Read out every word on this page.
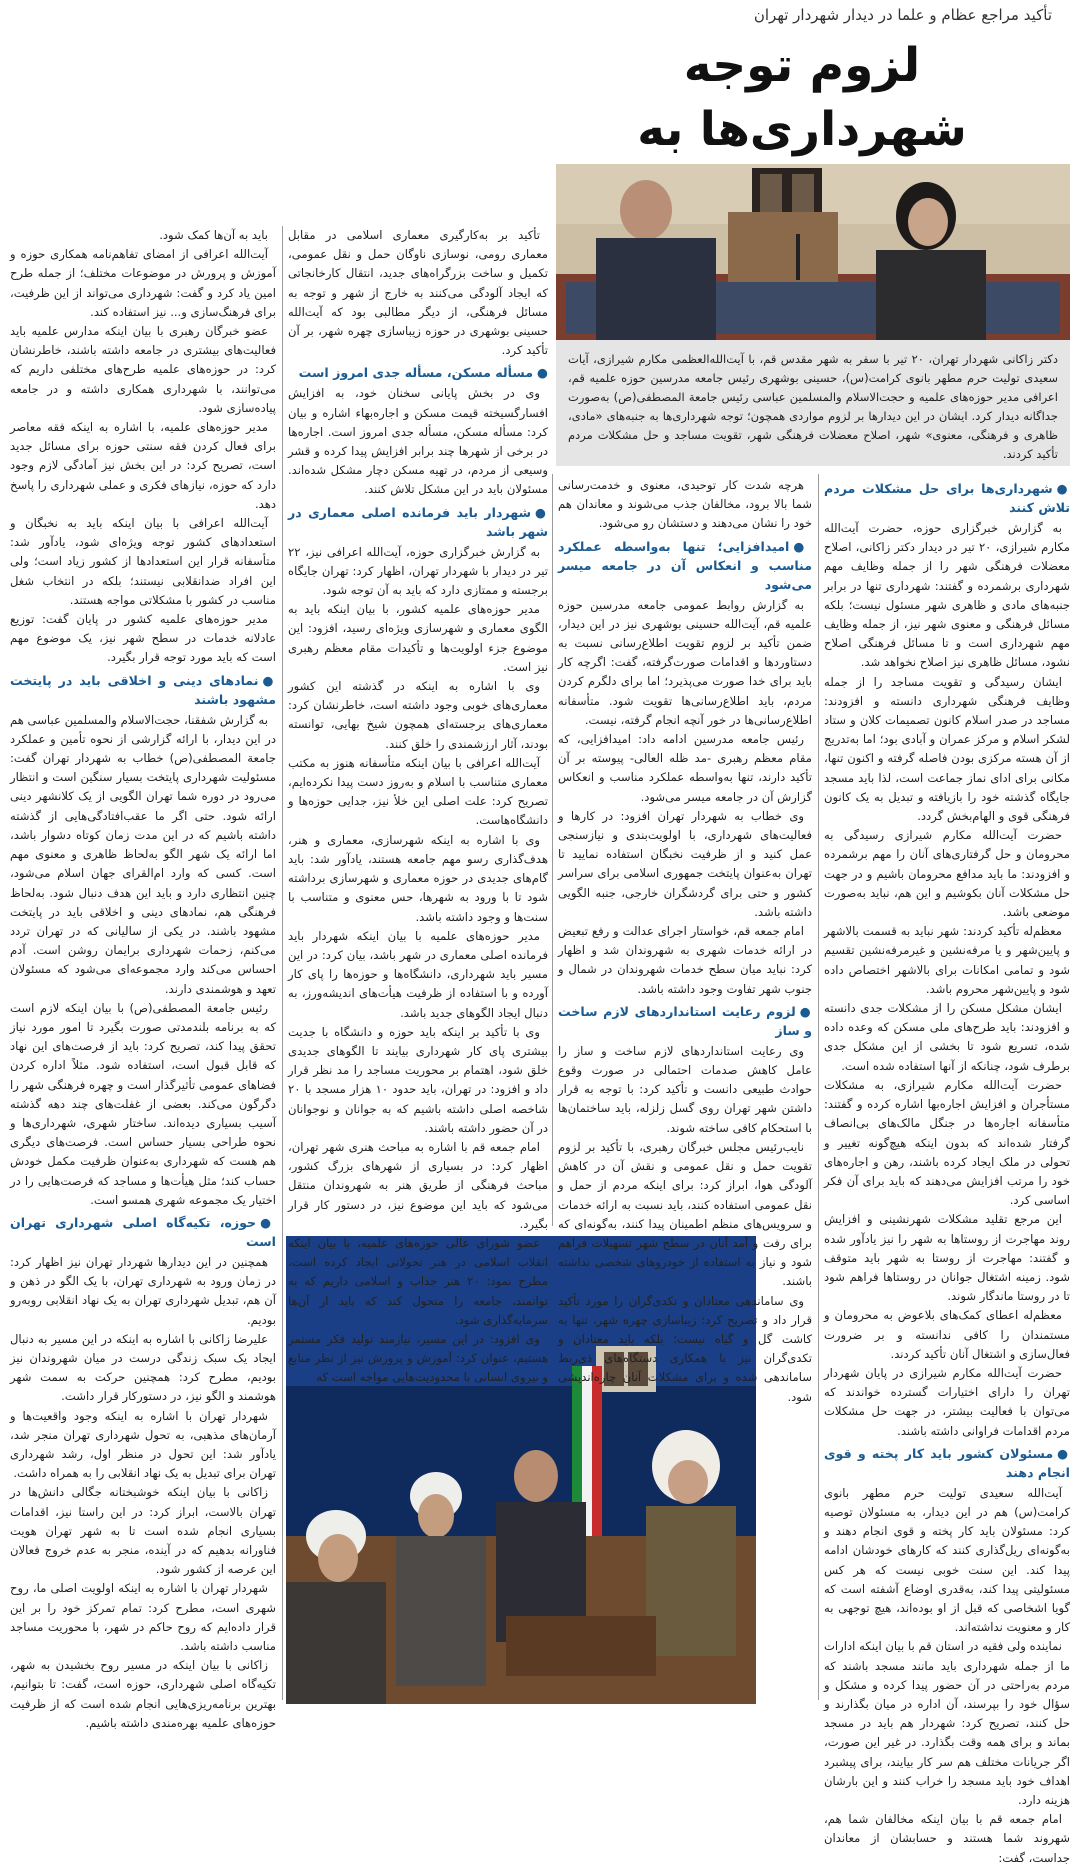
تأکید مراجع عظام و علما در دیدار شهردار تهران
لزوم توجه شهرداری‌ها به
دکتر زاکانی شهردار تهران، ۲۰ تیر با سفر به شهر مقدس قم، با آیت‌الله‌العظمی مکارم شیرازی، آیات سعیدی تولیت حرم مطهر بانوی کرامت(س)، حسینی بوشهری رئیس جامعه مدرسین حوزه علمیه قم، اعرافی مدیر حوزه‌های علمیه و حجت‌الاسلام والمسلمین عباسی رئیس جامعة المصطفی(ص) به‌صورت جداگانه دیدار کرد. ایشان در این دیدارها بر لزوم مواردی همچون؛ توجه شهرداری‌ها به جنبه‌های «مادی، ظاهری و فرهنگی، معنوی» شهر، اصلاح معضلات فرهنگی شهر، تقویت مساجد و حل مشکلات مردم تأکید کردند.
●شهرداری‌ها برای حل مشکلات مردم تلاش کنند

به گزارش خبرگزاری حوزه، حضرت آیت‌الله مکارم شیرازی، ۲۰ تیر در دیدار دکتر زاکانی، اصلاح معضلات فرهنگی شهر را از جمله وظایف مهم شهرداری برشمرده و گفتند: شهرداری تنها در برابر جنبه‌های مادی و ظاهری شهر مسئول نیست؛ بلکه مسائل فرهنگی و معنوی شهر نیز، از جمله وظایف مهم شهرداری است و تا مسائل فرهنگی اصلاح نشود، مسائل ظاهری نیز اصلاح نخواهد شد.

ایشان رسیدگی و تقویت مساجد را از جمله وظایف فرهنگی شهرداری دانسته و افزودند: مساجد در صدر اسلام کانون تصمیمات کلان و ستاد لشکر اسلام و مرکز عمران و آبادی بود؛ اما به‌تدریج از آن هسته مرکزی بودن فاصله گرفته و اکنون تنها، مکانی برای ادای نماز جماعت است، لذا باید مسجد جایگاه گذشته خود را بازیافته و تبدیل به یک کانون فرهنگی قوی و الهام‌بخش گردد.

حضرت آیت‌الله مکارم شیرازی رسیدگی به محرومان و حل گرفتاری‌های آنان را مهم برشمرده و افزودند: ما باید مدافع محرومان باشیم و در جهت حل مشکلات آنان بکوشیم و این هم، نباید به‌صورت موضعی باشد.

معظم‌له تأکید کردند: شهر نباید به قسمت بالاشهر و پایین‌شهر و یا مرفه‌نشین و غیرمرفه‌نشین تقسیم شود و تمامی امکانات برای بالاشهر اختصاص داده شود و پایین‌شهر محروم باشد.

ایشان مشکل مسکن را از مشکلات جدی دانسته و افزودند: باید طرح‌های ملی مسکن که وعده داده شده، تسریع شود تا بخشی از این مشکل جدی برطرف شود، چنانکه از آنها استفاده شده است.

حضرت آیت‌الله مکارم شیرازی، به مشکلات مستأجران و افزایش اجاره‌بها اشاره کرده و گفتند: متأسفانه اجاره‌ها در جنگل مالک‌های بی‌انصاف گرفتار شده‌اند که بدون اینکه هیچ‌گونه تغییر و تحولی در ملک ایجاد کرده باشند، رهن و اجاره‌های خود را مرتب افزایش می‌دهند که باید برای آن فکر اساسی کرد.

این مرجع تقلید مشکلات شهرنشینی و افزایش روند مهاجرت از روستاها به شهر را نیز یادآور شده و گفتند: مهاجرت از روستا به شهر باید متوقف شود. زمینه اشتغال جوانان در روستاها فراهم شود تا در روستا ماندگار شوند.

معظم‌له اعطای کمک‌های بلاعوض به محرومان و مستمندان را کافی ندانسته و بر ضرورت فعال‌سازی و اشتغال آنان تأکید کردند.

حضرت آیت‌الله مکارم شیرازی در پایان شهردار تهران را دارای اختیارات گسترده خواندند که می‌توان با فعالیت بیشتر، در جهت حل مشکلات مردم اقدامات فراوانی داشته باشند.

●مسئولان کشور باید کار پخته و قوی انجام دهند

آیت‌الله سعیدی تولیت حرم مطهر بانوی کرامت(س) هم در این دیدار، به مسئولان توصیه کرد: مسئولان باید کار پخته و قوی انجام دهند و به‌گونه‌ای ریل‌گذاری کنند که کارهای خودشان ادامه پیدا کند. این سنت خوبی نیست که هر کس مسئولیتی پیدا کند، به‌قدری اوضاع آشفته است که گویا اشخاصی که قبل از او بوده‌اند، هیچ توجهی به کار و معنویت نداشته‌اند.

نماینده ولی فقیه در استان قم با بیان اینکه ادارات ما از جمله شهرداری باید مانند مسجد باشند که مردم به‌راحتی در آن حضور پیدا کرده و مشکل و سؤال خود را بپرسند، آن اداره در میان بگذارند و حل کنند، تصریح کرد: شهردار هم باید در مسجد بماند و برای همه وقت بگذارد. در غیر این صورت، اگر جریانات مختلف هم سر کار بیایند، برای پیشبرد اهداف خود باید مسجد را خراب کنند و این بارشان هزینه دارد.

امام جمعه قم با بیان اینکه مخالفان شما هم، شهروند شما هستند و حسابشان از معاندان جداست، گفت:

هرچه شدت کار توحیدی، معنوی و خدمت‌رسانی شما بالا برود، مخالفان جذب می‌شوند و معاندان هم خود را نشان می‌دهند و دستشان رو می‌شود.

●امیدافزایی؛ تنها به‌واسطه عملکرد مناسب و انعکاس آن در جامعه میسر می‌شود

به گزارش روابط عمومی جامعه مدرسین حوزه علمیه قم، آیت‌الله حسینی بوشهری نیز در این دیدار، ضمن تأکید بر لزوم تقویت اطلاع‌رسانی نسبت به دستاوردها و اقدامات صورت‌گرفته، گفت: اگرچه کار باید برای خدا صورت می‌پذیرد؛ اما برای دلگرم کردن مردم، باید اطلاع‌رسانی‌ها تقویت شود. متأسفانه اطلاع‌رسانی‌ها در خور آنچه انجام گرفته، نیست.

رئیس جامعه مدرسین ادامه داد: امیدافزایی، که مقام معظم رهبری -مد ظله العالی- پیوسته بر آن تأکید دارند، تنها به‌واسطه عملکرد مناسب و انعکاس گزارش آن در جامعه میسر می‌شود.

وی خطاب به شهردار تهران افزود: در کارها و فعالیت‌های شهرداری، با اولویت‌بندی و نیازسنجی عمل کنید و از ظرفیت نخبگان استفاده نمایید تا تهران به‌عنوان پایتخت جمهوری اسلامی برای سراسر کشور و حتی برای گردشگران خارجی، جنبه الگویی داشته باشد.

امام جمعه قم، خواستار اجرای عدالت و رفع تبعیض در ارائه خدمات شهری به شهروندان شد و اظهار کرد: نباید میان سطح خدمات شهروندان در شمال و جنوب شهر تفاوت وجود داشته باشد.

●لزوم رعایت استانداردهای لازم ساخت و ساز

وی رعایت استانداردهای لازم ساخت و ساز را عامل کاهش صدمات احتمالی در صورت وقوع حوادث طبیعی دانست و تأکید کرد: با توجه به قرار داشتن شهر تهران روی گسل زلزله، باید ساختمان‌ها با استحکام کافی ساخته شوند.

نایب‌رئیس مجلس خبرگان رهبری، با تأکید بر لزوم تقویت حمل و نقل عمومی و نقش آن در کاهش آلودگی هوا، ابراز کرد: برای اینکه مردم از حمل و نقل عمومی استفاده کنند، باید نسبت به ارائه خدمات و سرویس‌های منظم اطمینان پیدا کنند، به‌گونه‌ای که برای رفت و آمد آنان در سطح شهر تسهیلات فراهم شود و نیاز به استفاده از خودروهای شخصی نداشته باشند.

وی ساماندهی معتادان و تکدی‌گران را مورد تأکید قرار داد و تصریح کرد: زیباسازی چهره شهر، تنها به کاشت گل و گیاه نیست؛ بلکه باید معتادان و تکدی‌گران نیز با همکاری دستگاه‌های ذی‌ربط ساماندهی شده و برای مشکلات آنان چاره‌اندیشی شود.

تأکید بر به‌کارگیری معماری اسلامی در مقابل معماری رومی، نوسازی ناوگان حمل و نقل عمومی، تکمیل و ساخت بزرگراه‌های جدید، انتقال کارخانجاتی که ایجاد آلودگی می‌کنند به خارج از شهر و توجه به مسائل فرهنگی، از دیگر مطالبی بود که آیت‌الله حسینی بوشهری در حوزه زیباسازی چهره شهر، بر آن تأکید کرد.

●مسأله مسکن، مسأله جدی امروز است

وی در بخش پایانی سخنان خود، به افزایش افسارگسیخته قیمت مسکن و اجاره‌بهاء اشاره و بیان کرد: مسأله مسکن، مسأله جدی امروز است. اجاره‌ها در برخی از شهرها چند برابر افزایش پیدا کرده و قشر وسیعی از مردم، در تهیه مسکن دچار مشکل شده‌اند. مسئولان باید در این مشکل تلاش کنند.

●شهردار باید فرمانده اصلی معماری در شهر باشد

به گزارش خبرگزاری حوزه، آیت‌الله اعرافی نیز، ۲۲ تیر در دیدار با شهردار تهران، اظهار کرد: تهران جایگاه برجسته و ممتازی دارد که باید به آن توجه شود.

مدیر حوزه‌های علمیه کشور، با بیان اینکه باید به الگوی معماری و شهرسازی ویژه‌ای رسید، افزود: این موضوع جزء اولویت‌ها و تأکیدات مقام معظم رهبری نیز است.

وی با اشاره به اینکه در گذشته این کشور معماری‌های خوبی وجود داشته است، خاطرنشان کرد: معماری‌های برجسته‌ای همچون شیخ بهایی، توانسته بودند، آثار ارزشمندی را خلق کنند.

آیت‌الله اعرافی با بیان اینکه متأسفانه هنوز به مکتب معماری متناسب با اسلام و به‌روز دست پیدا نکرده‌ایم، تصریح کرد: علت اصلی این خلأ نیز، جدایی حوزه‌ها و دانشگاه‌هاست.

وی با اشاره به اینکه شهرسازی، معماری و هنر، هدف‌گذاری رسو مهم جامعه هستند، یادآور شد: باید گام‌های جدیدی در حوزه معماری و شهرسازی برداشته شود تا با ورود به شهرها، حس معنوی و متناسب با سنت‌ها و وجود داشته باشد.

مدیر حوزه‌های علمیه با بیان اینکه شهردار باید فرمانده اصلی معماری در شهر باشد، بیان کرد: در این مسیر باید شهرداری، دانشگاه‌ها و حوزه‌ها را پای کار آورده و با استفاده از ظرفیت هیأت‌های اندیشه‌ورز، به دنبال ایجاد الگوهای جدید باشد.

وی با تأکید بر اینکه باید حوزه و دانشگاه با جدیت بیشتری پای کار شهرداری بیایند تا الگوهای جدیدی خلق شود، اهتمام بر محوریت مساجد را مد نظر قرار داد و افزود: در تهران، باید حدود ۱۰ هزار مسجد با ۲۰ شاخصه اصلی داشته باشیم که به جوانان و نوجوانان در آن حضور داشته باشند.

امام جمعه قم با اشاره به مباحث هنری شهر تهران، اظهار کرد: در بسیاری از شهرهای بزرگ کشور، مباحث فرهنگی از طریق هنر به شهروندان منتقل می‌شود که باید این موضوع نیز، در دستور کار قرار بگیرد.

عضو شورای عالی حوزه‌های علمیه، با بیان اینکه انقلاب اسلامی در هنر تحولاتی ایجاد کرده است، مطرح نمود: ۲۰ هنر جذاب و اسلامی داریم که به توانمند، جامعه را متحول کند که باید از آن‌ها سرمایه‌گذاری شود.

وی افزود: در این مسیر، نیازمند تولید فکر مستمر هستیم، عنوان کرد: آموزش و پرورش نیز از نظر منابع و نیروی انسانی با محدودیت‌هایی مواجه است که

باید به آن‌ها کمک شود.

آیت‌الله اعرافی از امضای تفاهم‌نامه همکاری حوزه و آموزش و پرورش در موضوعات مختلف؛ از جمله طرح امین یاد کرد و گفت: شهرداری می‌تواند از این ظرفیت، برای فرهنگ‌سازی و... نیز استفاده کند.

عضو خبرگان رهبری با بیان اینکه مدارس علمیه باید فعالیت‌های بیشتری در جامعه داشته باشند، خاطرنشان کرد: در حوزه‌های علمیه طرح‌های مختلفی داریم که می‌توانند، با شهرداری همکاری داشته و در جامعه پیاده‌سازی شود.

مدیر حوزه‌های علمیه، با اشاره به اینکه فقه معاصر برای فعال کردن فقه سنتی حوزه برای مسائل جدید است، تصریح کرد: در این بخش نیز آمادگی لازم وجود دارد که حوزه، نیازهای فکری و عملی شهرداری را پاسخ دهد.

آیت‌الله اعرافی با بیان اینکه باید به نخبگان و استعدادهای کشور توجه ویژه‌ای شود، یادآور شد: متأسفانه قرار این استعدادها از کشور زیاد است؛ ولی این افراد ضدانقلابی نیستند؛ بلکه در انتخاب شغل مناسب در کشور با مشکلاتی مواجه هستند.

مدیر حوزه‌های علمیه کشور در پایان گفت: توزیع عادلانه خدمات در سطح شهر نیز، یک موضوع مهم است که باید مورد توجه قرار بگیرد.

●نمادهای دینی و اخلاقی باید در پایتخت مشهود باشند

به گزارش شفقنا، حجت‌الاسلام والمسلمین عباسی هم در این دیدار، با ارائه گزارشی از نحوه تأمین و عملکرد جامعة المصطفی(ص) خطاب به شهردار تهران گفت: مسئولیت شهرداری پایتخت بسیار سنگین است و انتظار می‌رود در دوره شما تهران الگویی از یک کلانشهر دینی ارائه شود. حتی اگر ما عقب‌افتادگی‌هایی از گذشته داشته باشیم که در این مدت زمان کوتاه دشوار باشد، اما ارائه یک شهر الگو به‌لحاظ ظاهری و معنوی مهم است. کسی که وارد ام‌القرای جهان اسلام می‌شود، چنین انتظاری دارد و باید این هدف دنبال شود. به‌لحاظ فرهنگی هم، نمادهای دینی و اخلاقی باید در پایتخت مشهود باشند. در یکی از سالیانی که در تهران تردد می‌کنم، زحمات شهرداری برایمان روشن است. آدم احساس می‌کند وارد مجموعه‌ای می‌شود که مسئولان تعهد و هوشمندی دارند.

رئیس جامعة المصطفی(ص) با بیان اینکه لازم است که به برنامه بلندمدتی صورت بگیرد تا امور مورد نیاز تحقق پیدا کند، تصریح کرد: باید از فرصت‌های این نهاد که قابل قبول است، استفاده شود. مثلاً اداره کردن فضاهای عمومی تأثیرگذار است و چهره فرهنگی شهر را دگرگون می‌کند. بعضی از غفلت‌های چند دهه گذشته آسیب بسیاری دیده‌اند. ساختار شهری، شهرداری‌ها و نحوه طراحی بسیار حساس است. فرصت‌های دیگری هم هست که شهرداری به‌عنوان ظرفیت مکمل خودش حساب کند؛ مثل هیأت‌ها و مساجد که فرصت‌هایی را در اختیار یک مجموعه شهری همسو است.

●حوزه، تکیه‌گاه اصلی شهرداری تهران است

همچنین در این دیدارها شهردار تهران نیز اظهار کرد: در زمان ورود به شهرداری تهران، با یک الگو در ذهن و آن هم، تبدیل شهرداری تهران به یک نهاد انقلابی روبه‌رو بودیم.

علیرضا زاکانی با اشاره به اینکه در این مسیر به دنبال ایجاد یک سبک زندگی درست در میان شهروندان نیز بودیم، مطرح کرد: همچنین حرکت به سمت شهر هوشمند و الگو نیز، در دستورکار قرار داشت.

شهردار تهران با اشاره به اینکه وجود واقعیت‌ها و آرمان‌های مذهبی، به تحول شهرداری تهران منجر شد، یادآور شد: این تحول در منظر اول، رشد شهرداری تهران برای تبدیل به یک نهاد انقلابی را به همراه داشت.

زاکانی با بیان اینکه خوشبختانه جگالی دانش‌ها در تهران بالاست، ابراز کرد: در این راستا نیز، اقدامات بسیاری انجام شده است تا به شهر تهران هویت فناورانه بدهیم که در آینده، منجر به عدم خروج فعالان این عرصه از کشور شود.

شهردار تهران با اشاره به اینکه اولویت اصلی ما، روح شهری است، مطرح کرد: تمام تمرکز خود را بر این قرار داده‌ایم که روح حاکم در شهر، با محوریت مساجد مناسب داشته باشد.

زاکانی با بیان اینکه در مسیر روح بخشیدن به شهر، تکیه‌گاه اصلی شهرداری، حوزه است، گفت: تا بتوانیم، بهترین برنامه‌ریزی‌هایی انجام شده است که از ظرفیت حوزه‌های علمیه بهره‌مندی داشته باشیم.
